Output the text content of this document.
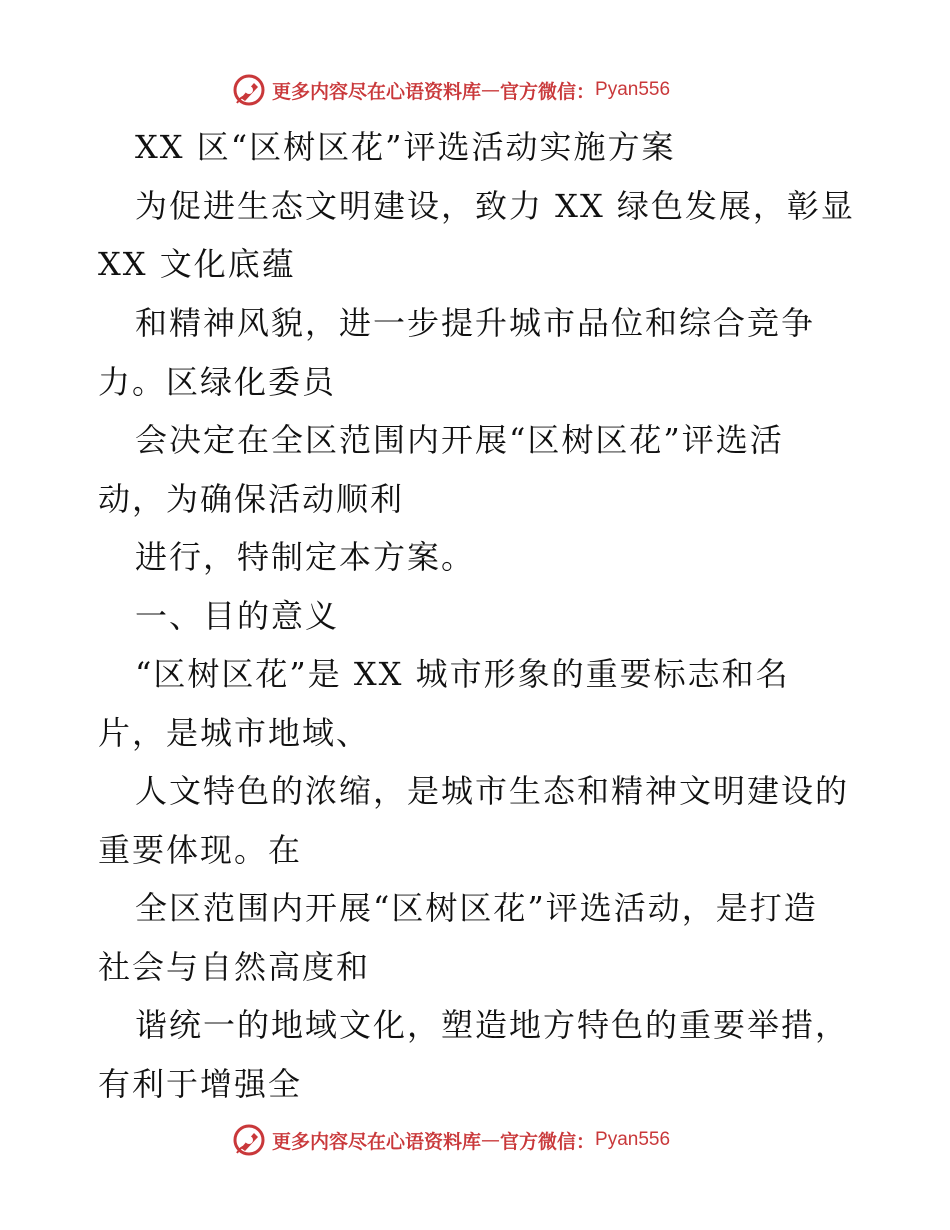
更多内容尽在心语资料库 — 官方微信： Pyan556
XX 区“区树区花”评选活动实施方案
为促进生态文明建设，致力 XX 绿色发展，彰显
XX 文化底蕴
和精神风貌，进一步提升城市品位和综合竞争
力。区绿化委员
会决定在全区范围内开展“区树区花”评选活
动，为确保活动顺利
进行，特制定本方案。
一、目的意义
“区树区花”是 XX 城市形象的重要标志和名
片，是城市地域、
人文特色的浓缩，是城市生态和精神文明建设的
重要体现。在
全区范围内开展“区树区花”评选活动，是打造
社会与自然高度和
谐统一的地域文化，塑造地方特色的重要举措，
有利于增强全
更多内容尽在心语资料库 — 官方微信： Pyan556
